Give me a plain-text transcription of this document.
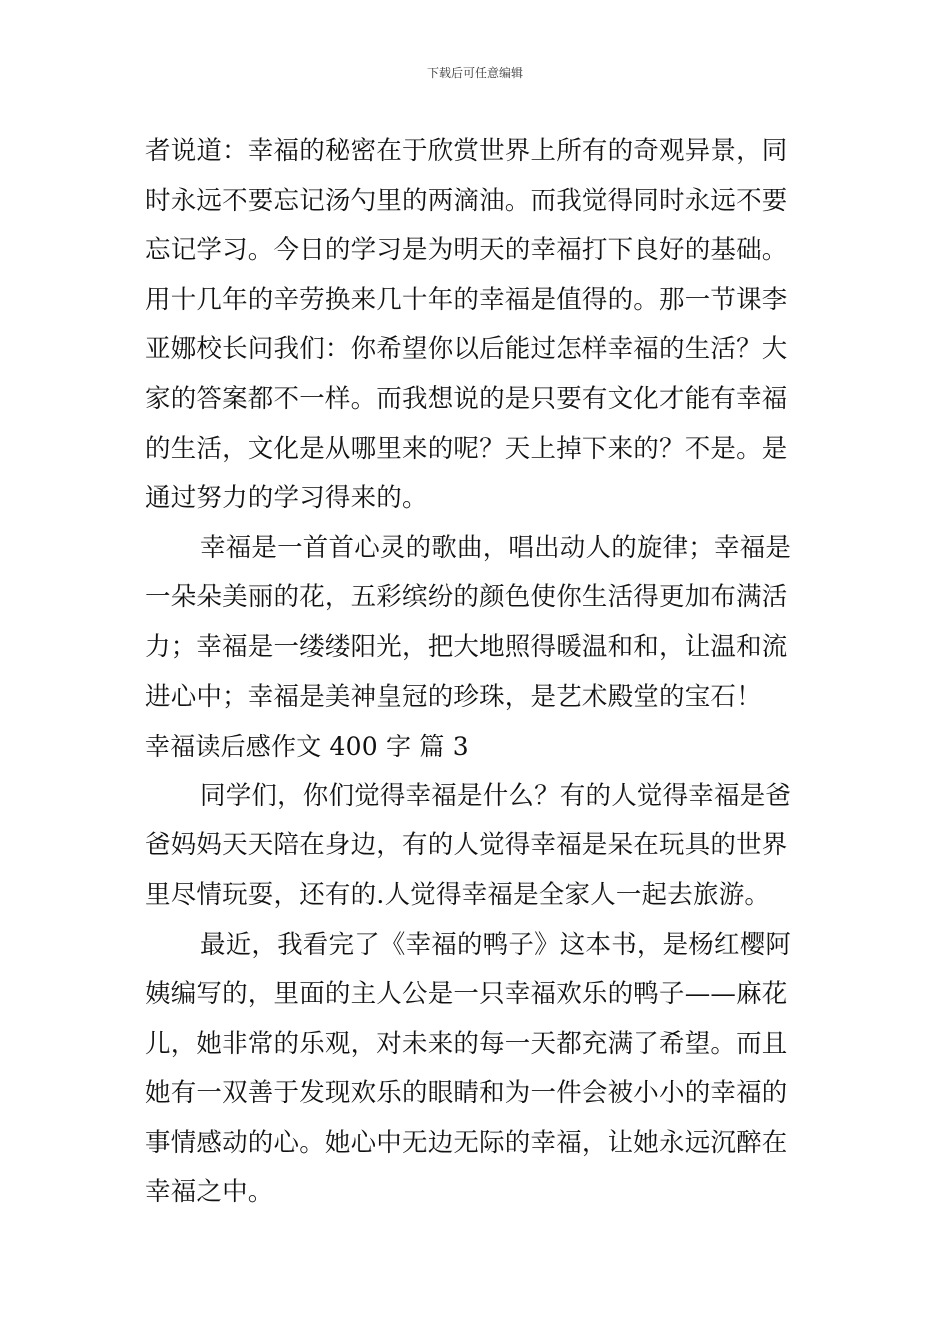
下载后可任意编辑
者说道：幸福的秘密在于欣赏世界上所有的奇观异景，同
时永远不要忘记汤勺里的两滴油。而我觉得同时永远不要
忘记学习。今日的学习是为明天的幸福打下良好的基础。
用十几年的辛劳换来几十年的幸福是值得的。那一节课李
亚娜校长问我们：你希望你以后能过怎样幸福的生活？大
家的答案都不一样。而我想说的是只要有文化才能有幸福
的生活，文化是从哪里来的呢？天上掉下来的？不是。是
通过努力的学习得来的。
幸福是一首首心灵的歌曲，唱出动人的旋律；幸福是
一朵朵美丽的花，五彩缤纷的颜色使你生活得更加布满活
力；幸福是一缕缕阳光，把大地照得暖温和和，让温和流
进心中；幸福是美神皇冠的珍珠，是艺术殿堂的宝石！
幸福读后感作文 400 字 篇 3
同学们，你们觉得幸福是什么？有的人觉得幸福是爸
爸妈妈天天陪在身边，有的人觉得幸福是呆在玩具的世界
里尽情玩耍，还有的.人觉得幸福是全家人一起去旅游。
最近，我看完了《幸福的鸭子》这本书，是杨红樱阿
姨编写的，里面的主人公是一只幸福欢乐的鸭子——麻花
儿，她非常的乐观，对未来的每一天都充满了希望。而且
她有一双善于发现欢乐的眼睛和为一件会被小小的幸福的
事情感动的心。她心中无边无际的幸福，让她永远沉醉在
幸福之中。
